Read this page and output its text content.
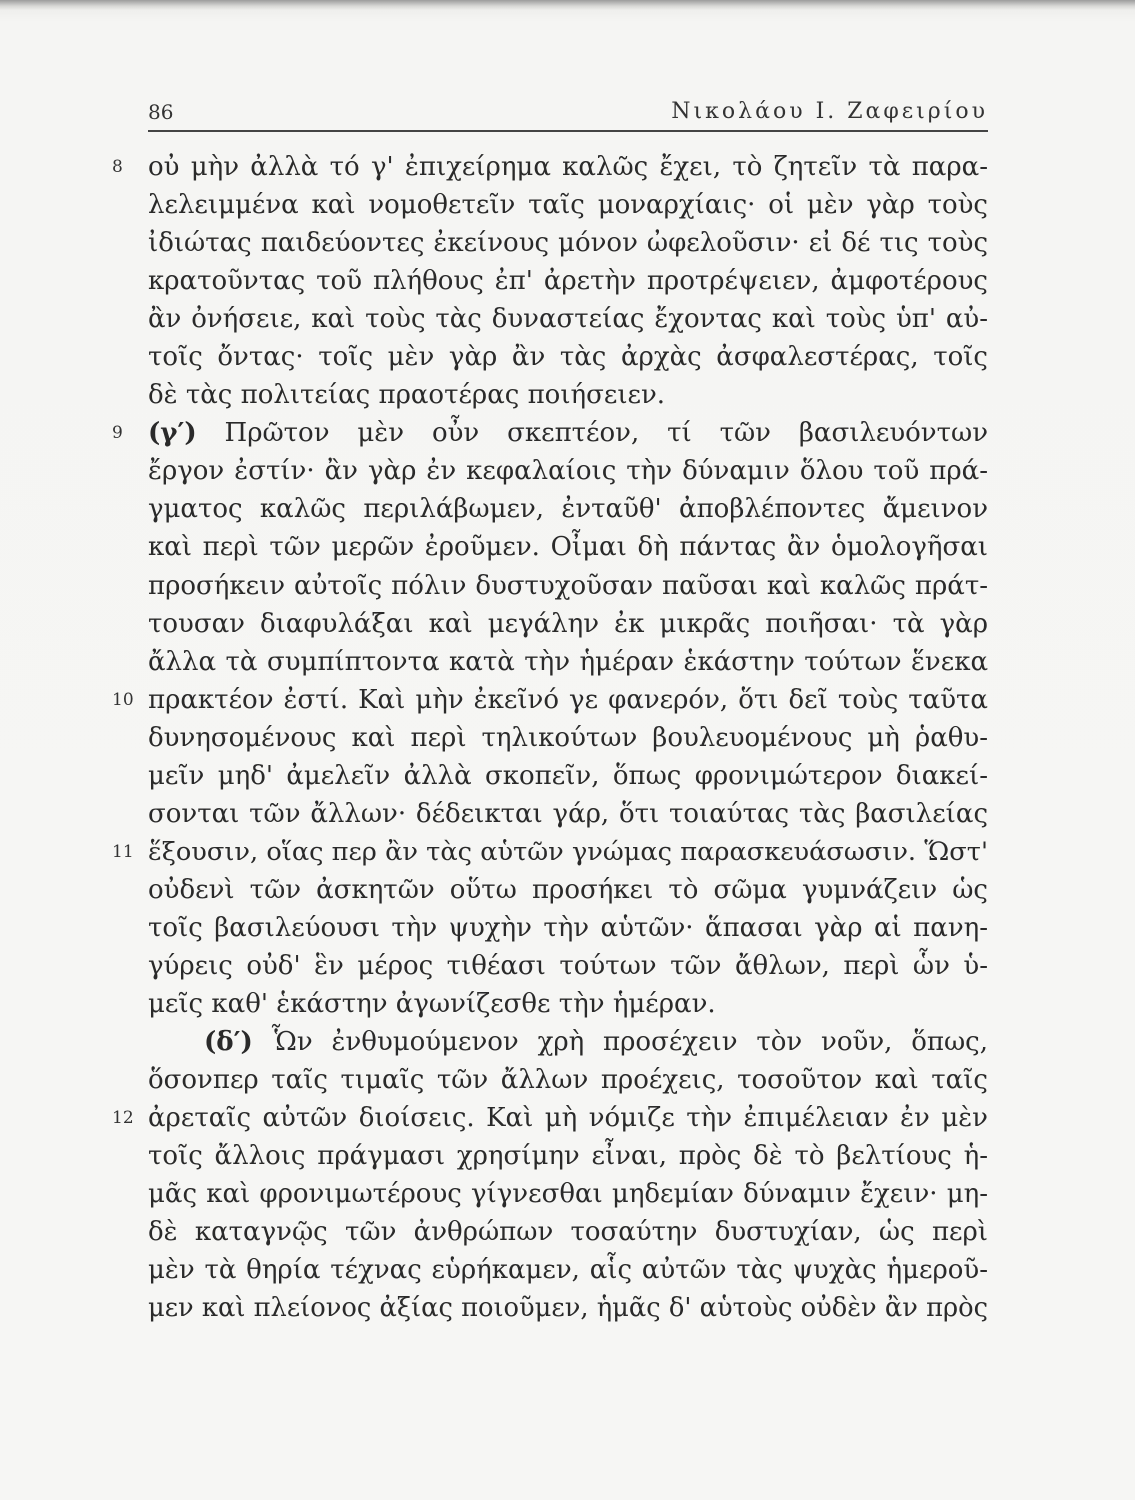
86	Νικολάου Ι. Ζαφειρίου
8 οὐ μὴν ἀλλὰ τό γ' ἐπιχείρημα καλῶς ἔχει, τὸ ζητεῖν τὰ παρα-
λελειμμένα καὶ νομοθετεῖν ταῖς μοναρχίαις· οἱ μὲν γὰρ τοὺς
ἰδιώτας παιδεύοντες ἐκείνους μόνον ὠφελοῦσιν· εἰ δέ τις τοὺς
κρατοῦντας τοῦ πλήθους ἐπ' ἀρετὴν προτρέψειεν, ἀμφοτέρους
ἂν ὀνήσειε, καὶ τοὺς τὰς δυναστείας ἔχοντας καὶ τοὺς ὑπ' αὐ-
τοῖς ὄντας· τοῖς μὲν γὰρ ἂν τὰς ἀρχὰς ἀσφαλεστέρας, τοῖς
δὲ τὰς πολιτείας πραοτέρας ποιήσειεν.
9 (γ′) Πρῶτον μὲν οὖν σκεπτέον, τί τῶν βασιλευόντων
ἔργον ἐστίν· ἂν γὰρ ἐν κεφαλαίοις τὴν δύναμιν ὅλου τοῦ πρά-
γματος καλῶς περιλάβωμεν, ἐνταῦθ' ἀποβλέποντες ἄμεινον
καὶ περὶ τῶν μερῶν ἐροῦμεν. Οἶμαι δὴ πάντας ἂν ὁμολογῆσαι
προσήκειν αὐτοῖς πόλιν δυστυχοῦσαν παῦσαι καὶ καλῶς πράτ-
τουσαν διαφυλάξαι καὶ μεγάλην ἐκ μικρᾶς ποιῆσαι· τὰ γὰρ
ἄλλα τὰ συμπίπτοντα κατὰ τὴν ἡμέραν ἑκάστην τούτων ἕνεκα
10 πρακτέον ἐστί. Καὶ μὴν ἐκεῖνό γε φανερόν, ὅτι δεῖ τοὺς ταῦτα
δυνησομένους καὶ περὶ τηλικούτων βουλευομένους μὴ ῥαθυ-
μεῖν μηδ' ἀμελεῖν ἀλλὰ σκοπεῖν, ὅπως φρονιμώτερον διακεί-
σονται τῶν ἄλλων· δέδεικται γάρ, ὅτι τοιαύτας τὰς βασιλείας
11 ἕξουσιν, οἵας περ ἂν τὰς αὑτῶν γνώμας παρασκευάσωσιν. Ὥστ'
οὐδενὶ τῶν ἀσκητῶν οὕτω προσήκει τὸ σῶμα γυμνάζειν ὡς
τοῖς βασιλεύουσι τὴν ψυχὴν τὴν αὑτῶν· ἅπασαι γὰρ αἱ πανη-
γύρεις οὐδ' ἓν μέρος τιθέασι τούτων τῶν ἄθλων, περὶ ὧν ὑ-
μεῖς καθ' ἑκάστην ἀγωνίζεσθε τὴν ἡμέραν.
(δ′) Ὧν ἐνθυμούμενον χρὴ προσέχειν τὸν νοῦν, ὅπως,
ὅσονπερ ταῖς τιμαῖς τῶν ἄλλων προέχεις, τοσοῦτον καὶ ταῖς
12 ἀρεταῖς αὐτῶν διοίσεις. Καὶ μὴ νόμιζε τὴν ἐπιμέλειαν ἐν μὲν
τοῖς ἄλλοις πράγμασι χρησίμην εἶναι, πρὸς δὲ τὸ βελτίους ἡ-
μᾶς καὶ φρονιμωτέρους γίγνεσθαι μηδεμίαν δύναμιν ἔχειν· μη-
δὲ καταγνῷς τῶν ἀνθρώπων τοσαύτην δυστυχίαν, ὡς περὶ
μὲν τὰ θηρία τέχνας εὑρήκαμεν, αἷς αὐτῶν τὰς ψυχὰς ἡμεροῦ-
μεν καὶ πλείονος ἀξίας ποιοῦμεν, ἡμᾶς δ' αὑτοὺς οὐδὲν ἂν πρὸς
